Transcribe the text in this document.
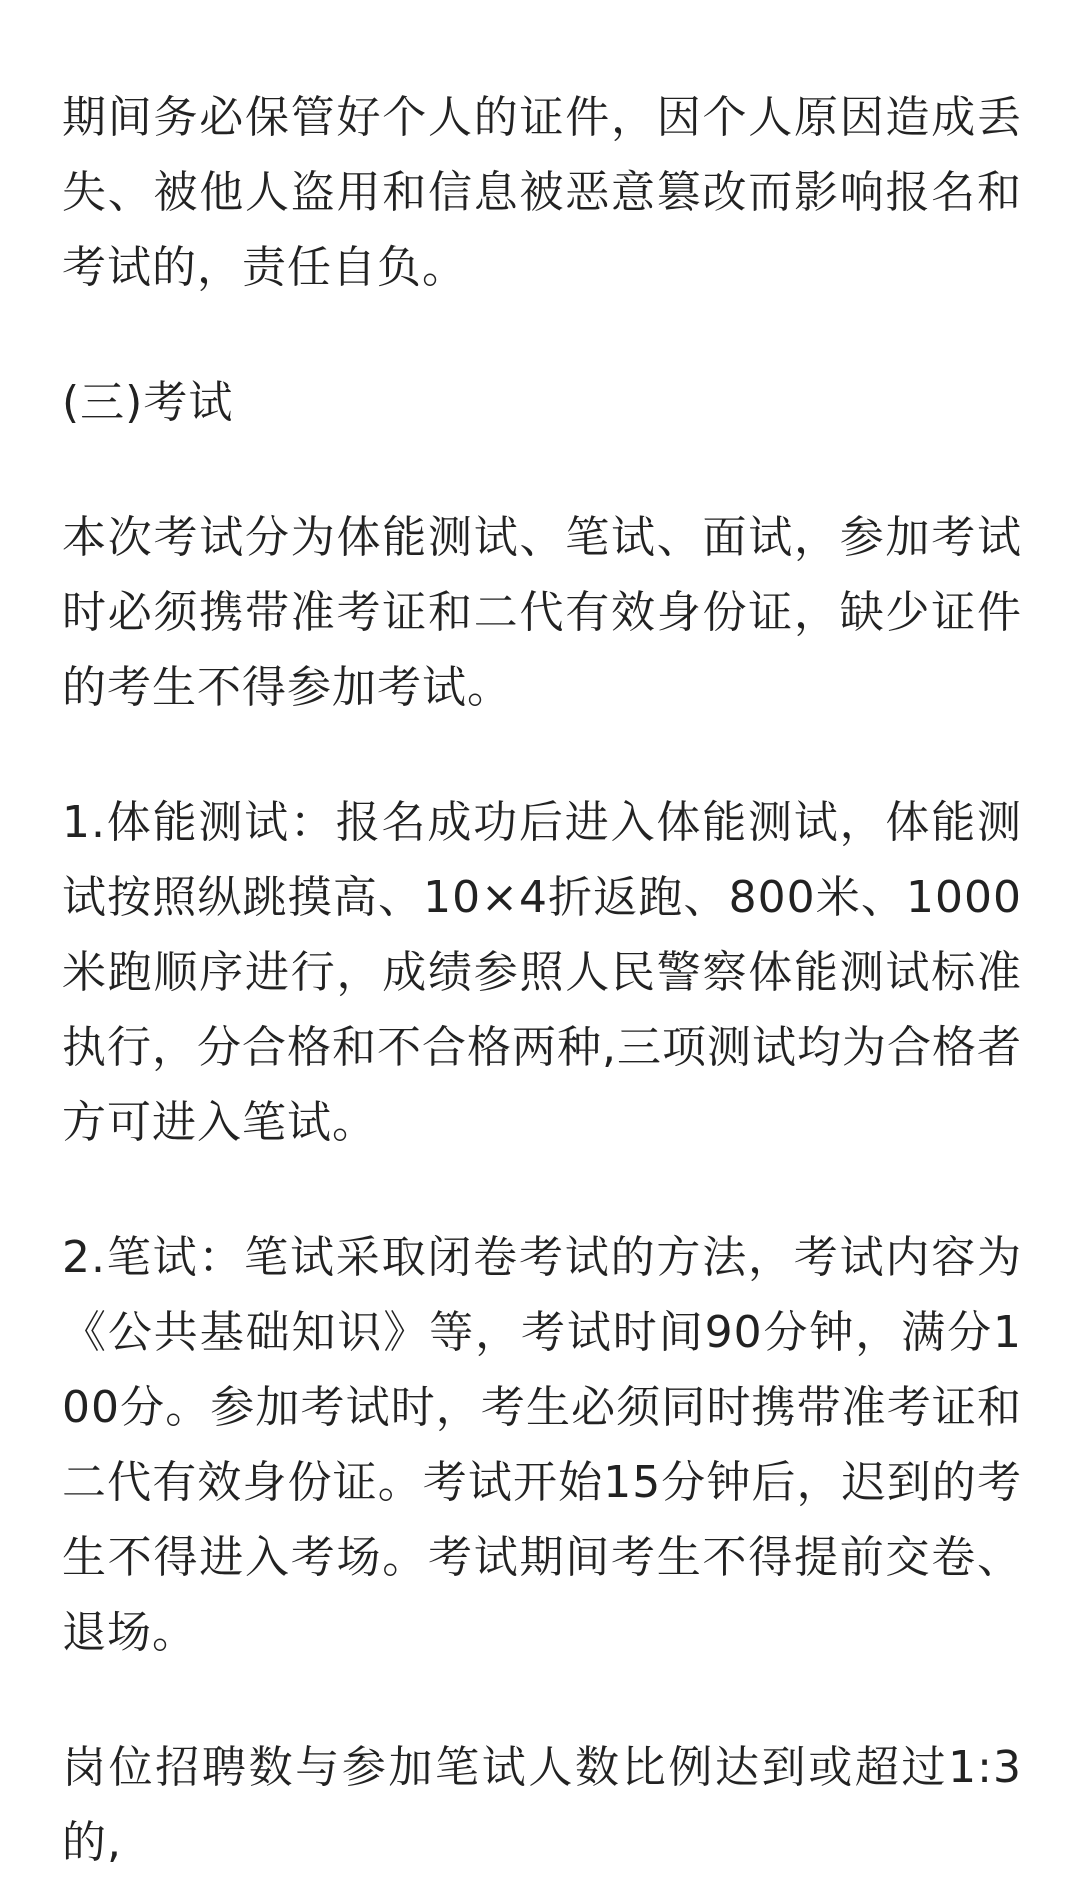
期间务必保管好个人的证件，因个人原因造成丢失、被他人盗用和信息被恶意篡改而影响报名和考试的，责任自负。

(三)考试

本次考试分为体能测试、笔试、面试，参加考试时必须携带准考证和二代有效身份证，缺少证件的考生不得参加考试。

1.体能测试：报名成功后进入体能测试，体能测试按照纵跳摸高、10×4折返跑、800米、1000米跑顺序进行，成绩参照人民警察体能测试标准执行，分合格和不合格两种,三项测试均为合格者方可进入笔试。

2.笔试：笔试采取闭卷考试的方法，考试内容为《公共基础知识》等，考试时间90分钟，满分100分。参加考试时，考生必须同时携带准考证和二代有效身份证。考试开始15分钟后，迟到的考生不得进入考场。考试期间考生不得提前交卷、退场。

岗位招聘数与参加笔试人数比例达到或超过1:3的,
